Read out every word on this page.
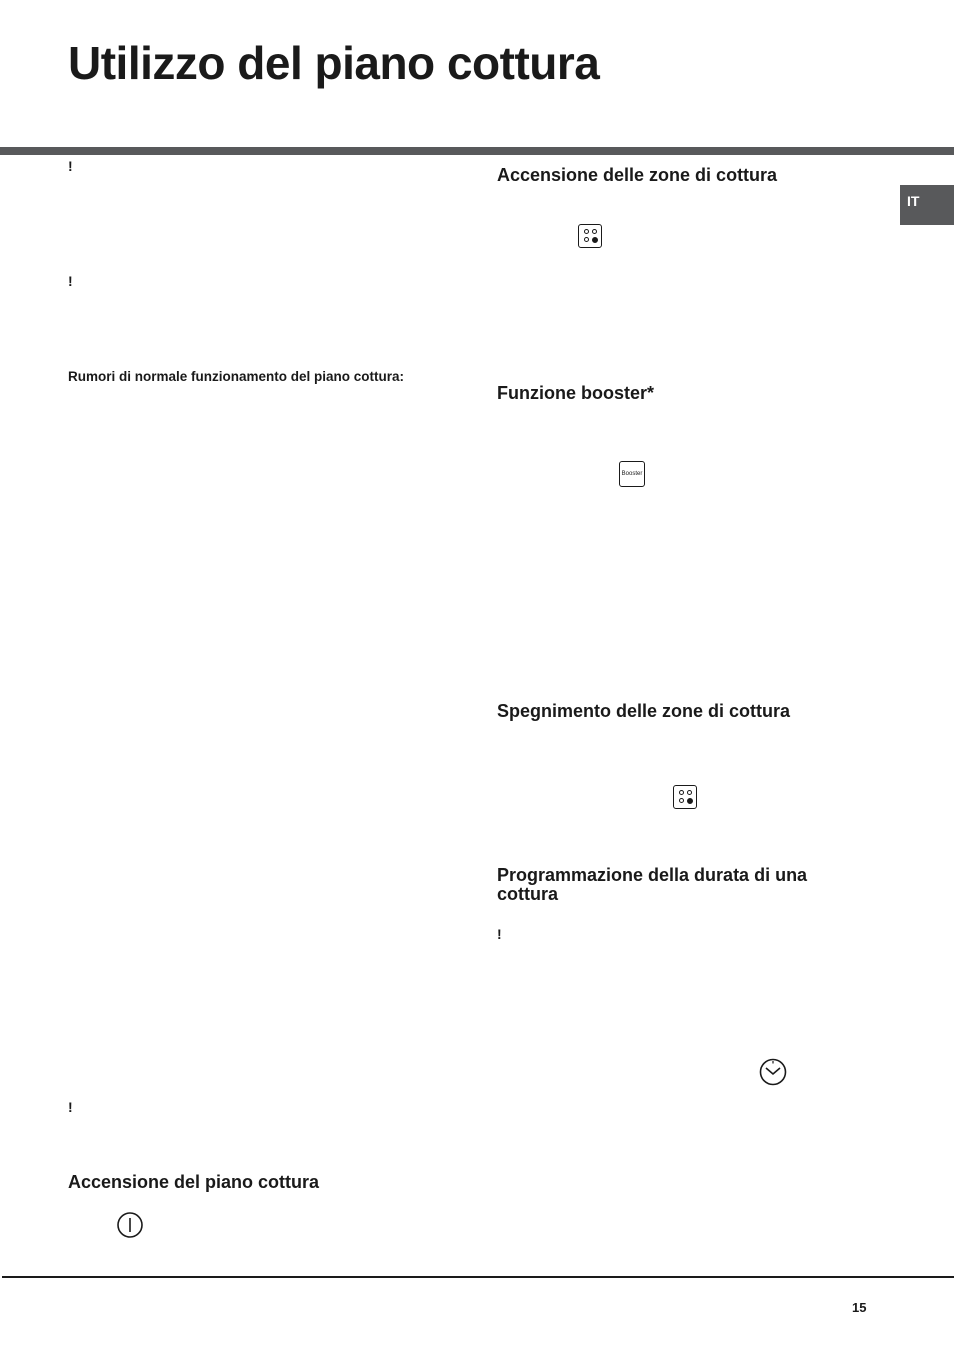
Utilizzo del piano cottura
IT
!
!
Rumori di normale funzionamento del piano cottura:
!
Accensione del piano cottura
Accensione delle zone di cottura
Funzione booster*
Booster
Spegnimento delle zone di cottura
Programmazione della durata di una cottura
!
15
